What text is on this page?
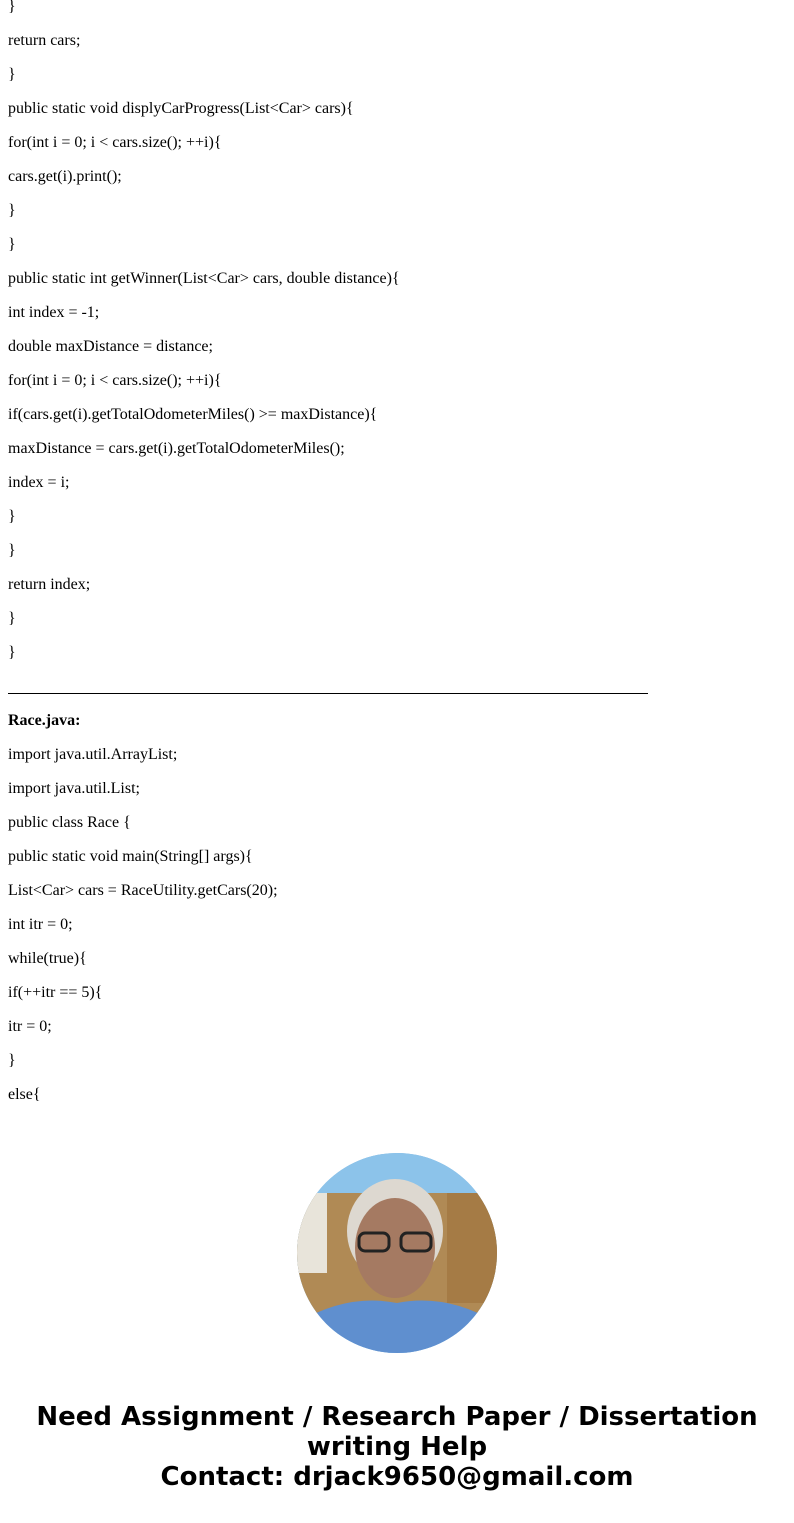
}
return cars;
}
public static void displyCarProgress(List<Car> cars){
for(int i = 0; i < cars.size(); ++i){
cars.get(i).print();
}
}
public static int getWinner(List<Car> cars, double distance){
int index = -1;
double maxDistance = distance;
for(int i = 0; i < cars.size(); ++i){
if(cars.get(i).getTotalOdometerMiles() >= maxDistance){
maxDistance = cars.get(i).getTotalOdometerMiles();
index = i;
}
}
return index;
}
}
Race.java:
import java.util.ArrayList;
import java.util.List;
public class Race {
public static void main(String[] args){
List<Car> cars = RaceUtility.getCars(20);
int itr = 0;
while(true){
if(++itr == 5){
itr = 0;
}
else{
Need Assignment / Research Paper / Dissertation
writing Help
Contact: drjack9650@gmail.com
